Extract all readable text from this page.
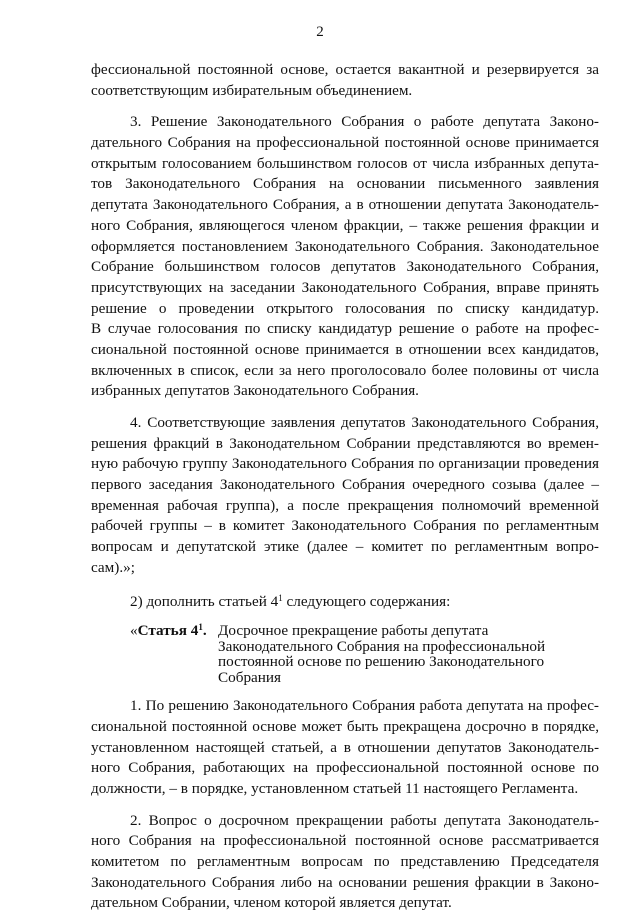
2
фессиональной постоянной основе, остается вакантной и резервируется за
соответствующим избирательным объединением.
3. Решение Законодательного Собрания о работе депутата Законо-
дательного Собрания на профессиональной постоянной основе принимается
открытым голосованием большинством голосов от числа избранных депута-
тов Законодательного Собрания на основании письменного заявления
депутата Законодательного Собрания, а в отношении депутата Законодатель-
ного Собрания, являющегося членом фракции, – также решения фракции и
оформляется постановлением Законодательного Собрания. Законодательное
Собрание большинством голосов депутатов Законодательного Собрания,
присутствующих на заседании Законодательного Собрания, вправе принять
решение о проведении открытого голосования по списку кандидатур.
В случае голосования по списку кандидатур решение о работе на профес-
сиональной постоянной основе принимается в отношении всех кандидатов,
включенных в список, если за него проголосовало более половины от числа
избранных депутатов Законодательного Собрания.
4. Соответствующие заявления депутатов Законодательного Собрания,
решения фракций в Законодательном Собрании представляются во времен-
ную рабочую группу Законодательного Собрания по организации проведения
первого заседания Законодательного Собрания очередного созыва (далее –
временная рабочая группа), а после прекращения полномочий временной
рабочей группы – в комитет Законодательного Собрания по регламентным
вопросам и депутатской этике (далее – комитет по регламентным вопро-
сам).»;
2) дополнить статьей $4^1$ следующего содержания:
«Статья $4^1$. Досрочное прекращение работы депутата
Законодательного Собрания на профессиональной
постоянной основе по решению Законодательного
Собрания
1. По решению Законодательного Собрания работа депутата на профес-
сиональной постоянной основе может быть прекращена досрочно в порядке,
установленном настоящей статьей, а в отношении депутатов Законодатель-
ного Собрания, работающих на профессиональной постоянной основе по
должности, – в порядке, установленном статьей 11 настоящего Регламента.
2. Вопрос о досрочном прекращении работы депутата Законодатель-
ного Собрания на профессиональной постоянной основе рассматривается
комитетом по регламентным вопросам по представлению Председателя
Законодательного Собрания либо на основании решения фракции в Законо-
дательном Собрании, членом которой является депутат.
